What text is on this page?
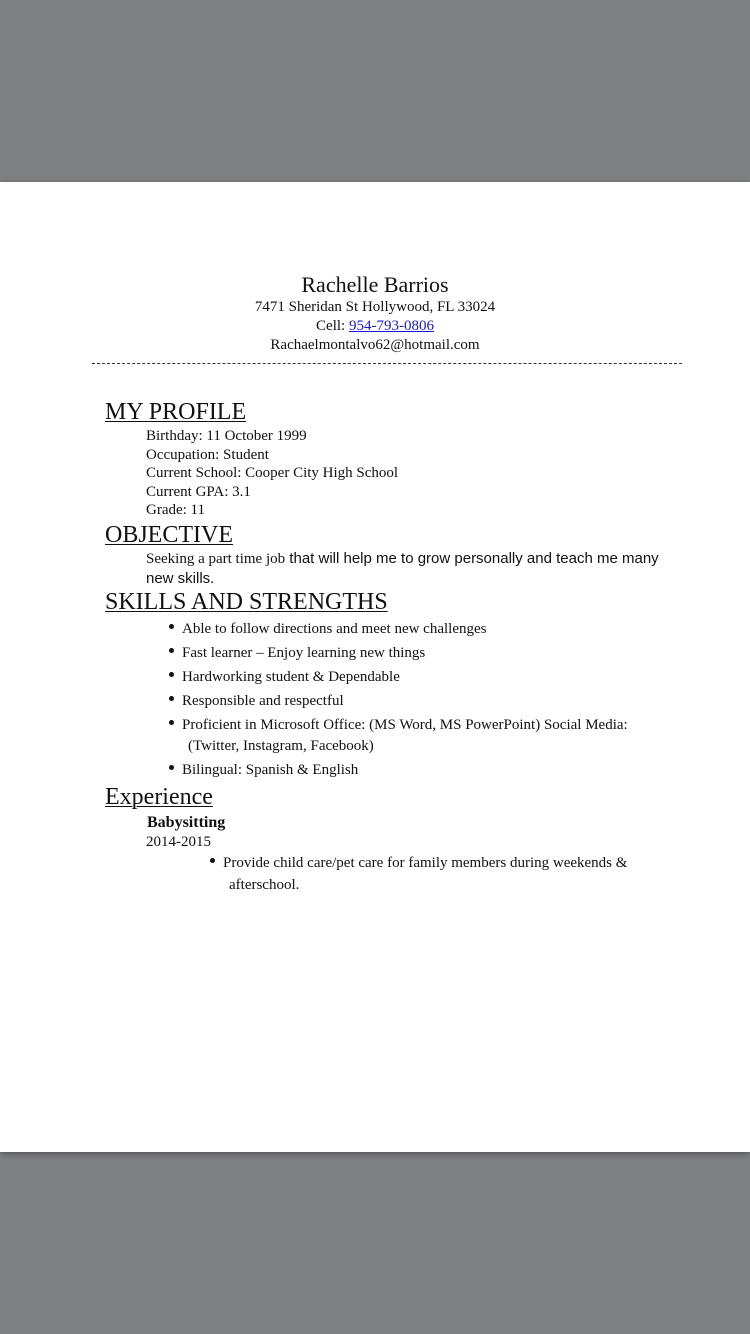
Rachelle Barrios

7471 Sheridan St Hollywood, FL 33024

Cell: 954-793-0806

Rachaelmontalvo62@hotmail.com

MY PROFILE
Birthday: 11 October 1999
Occupation: Student
Current School: Cooper City High School
Current GPA: 3.1
Grade: 11
OBJECTIVE
Seeking a part time job that will help me to grow personally and teach me many new skills.
SKILLS AND STRENGTHS
Able to follow directions and meet new challenges
Fast learner – Enjoy learning new things
Hardworking student & Dependable
Responsible and respectful
Proficient in Microsoft Office: (MS Word, MS PowerPoint) Social Media:
(Twitter, Instagram, Facebook)
Bilingual: Spanish & English
Experience

Babysitting

2014-2015

Provide child care/pet care for family members during weekends &
afterschool.
